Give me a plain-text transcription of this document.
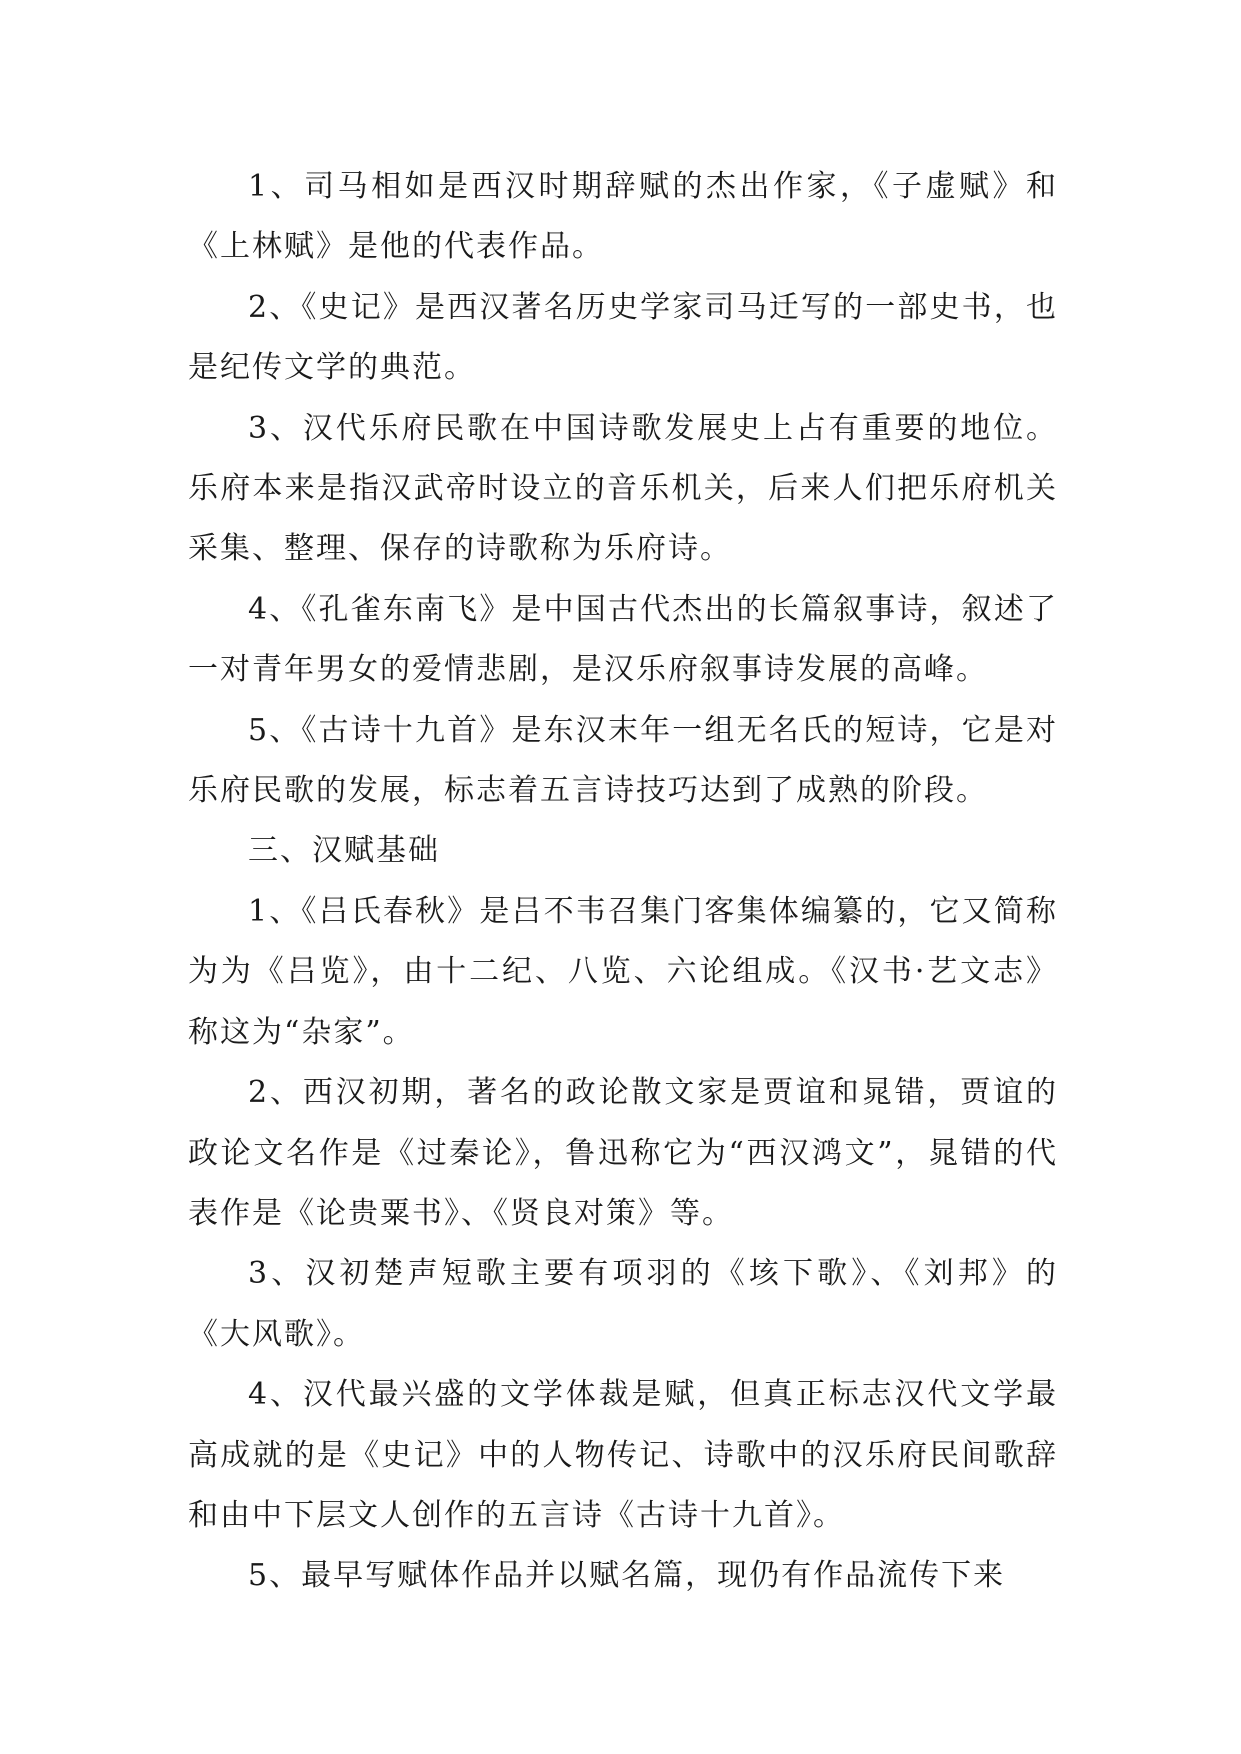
1、司马相如是西汉时期辞赋的杰出作家，《子虚赋》和《上林赋》是他的代表作品。

2、《史记》是西汉著名历史学家司马迁写的一部史书，也是纪传文学的典范。

3、汉代乐府民歌在中国诗歌发展史上占有重要的地位。乐府本来是指汉武帝时设立的音乐机关，后来人们把乐府机关采集、整理、保存的诗歌称为乐府诗。

4、《孔雀东南飞》是中国古代杰出的长篇叙事诗，叙述了一对青年男女的爱情悲剧，是汉乐府叙事诗发展的高峰。

5、《古诗十九首》是东汉末年一组无名氏的短诗，它是对乐府民歌的发展，标志着五言诗技巧达到了成熟的阶段。

三、汉赋基础

1、《吕氏春秋》是吕不韦召集门客集体编纂的，它又简称为为《吕览》，由十二纪、八览、六论组成。《汉书·艺文志》称这为“杂家”。

2、西汉初期，著名的政论散文家是贾谊和晁错，贾谊的政论文名作是《过秦论》，鲁迅称它为“西汉鸿文”，晁错的代表作是《论贵粟书》、《贤良对策》等。

3、汉初楚声短歌主要有项羽的《垓下歌》、《刘邦》的《大风歌》。

4、汉代最兴盛的文学体裁是赋，但真正标志汉代文学最高成就的是《史记》中的人物传记、诗歌中的汉乐府民间歌辞和由中下层文人创作的五言诗《古诗十九首》。

5、最早写赋体作品并以赋名篇，现仍有作品流传下来
